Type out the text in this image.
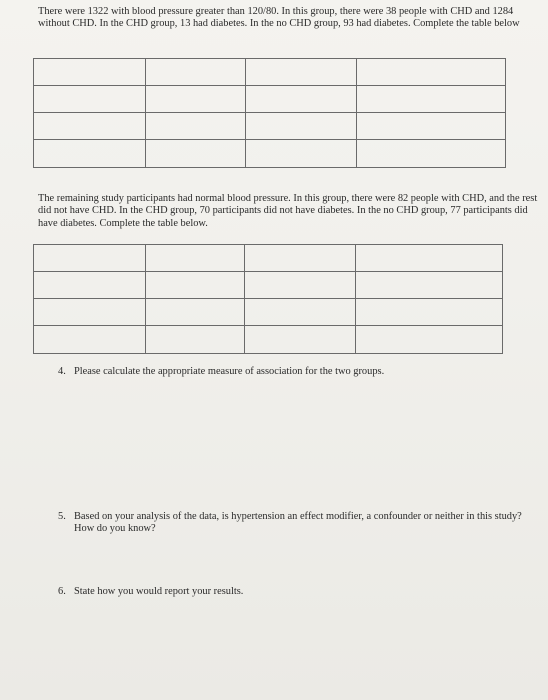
There were 1322 with blood pressure greater than 120/80. In this group, there were 38 people with CHD and 1284 without CHD. In the CHD group, 13 had diabetes. In the no CHD group, 93 had diabetes. Complete the table below

The remaining study participants had normal blood pressure. In this group, there were 82 people with CHD, and the rest did not have CHD. In the CHD group, 70 participants did not have diabetes. In the no CHD group, 77 participants did have diabetes. Complete the table below.

4. Please calculate the appropriate measure of association for the two groups.
5. Based on your analysis of the data, is hypertension an effect modifier, a confounder or neither in this study? How do you know?
6. State how you would report your results.
